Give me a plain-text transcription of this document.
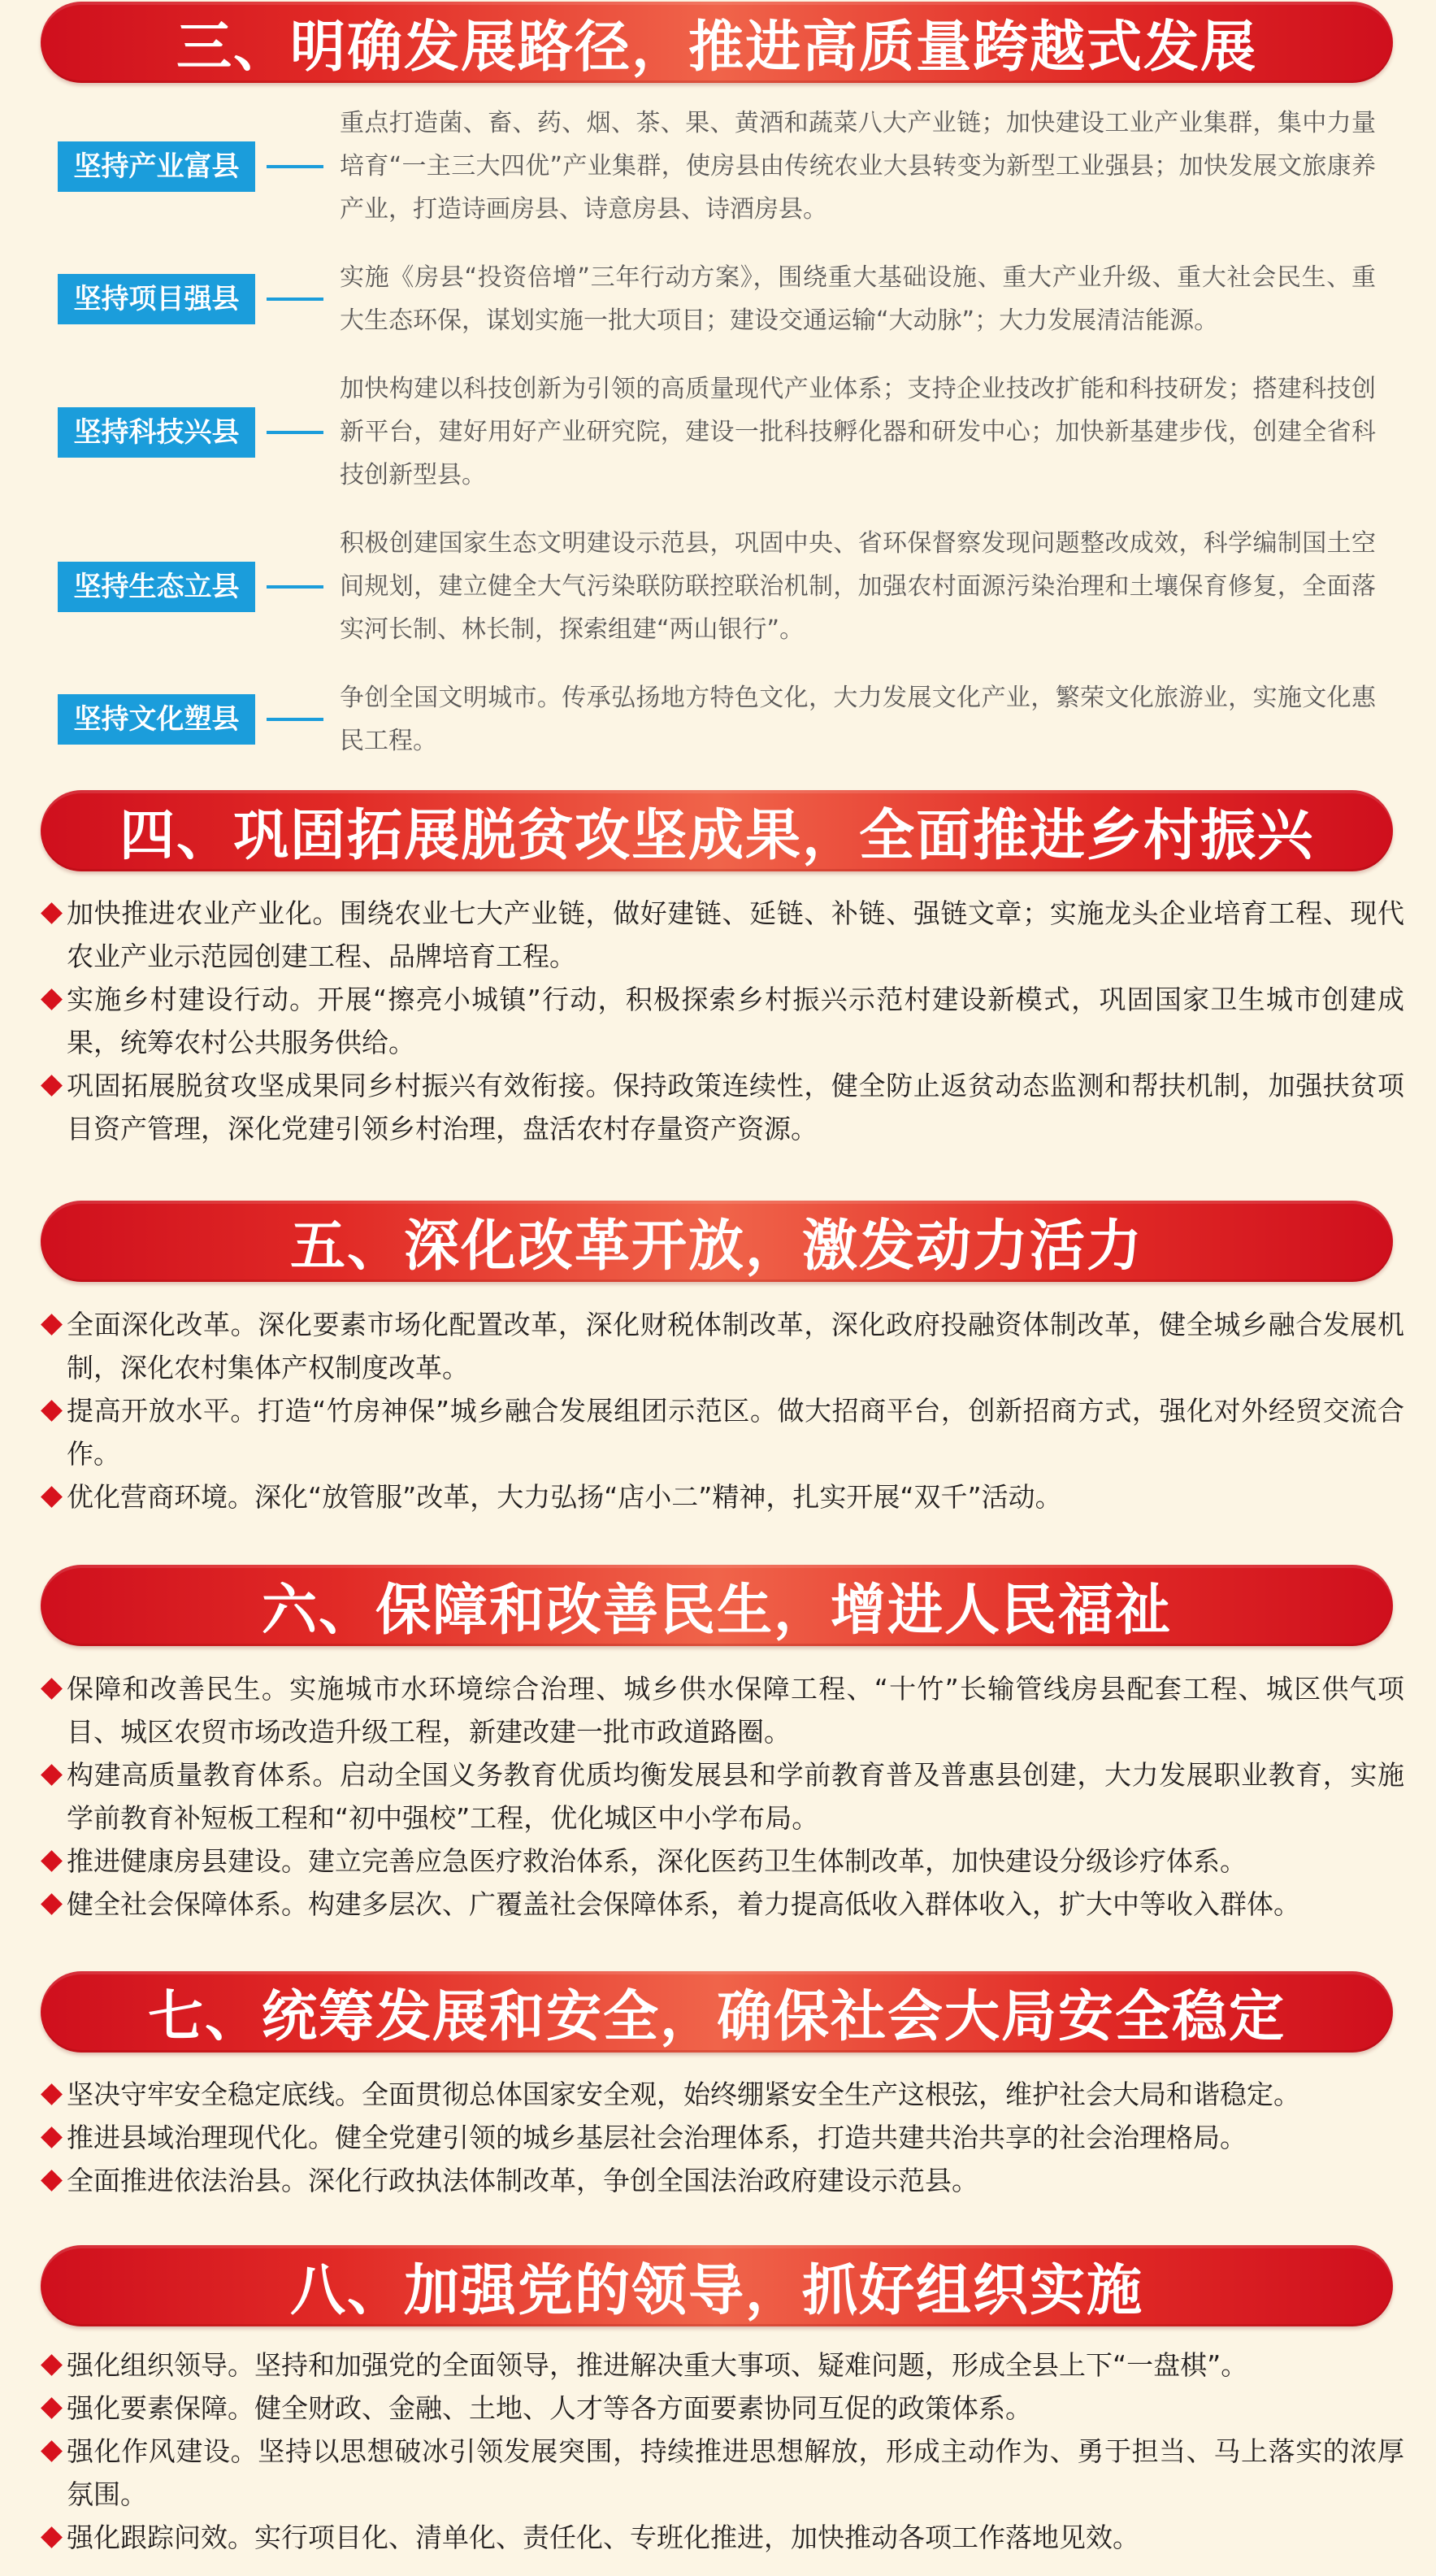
三、明确发展路径，推进高质量跨越式发展
坚持产业富县

重点打造菌、畜、药、烟、茶、果、黄酒和蔬菜八大产业链；加快建设工业产业集群，集中力量培育“一主三大四优”产业集群，使房县由传统农业大县转变为新型工业强县；加快发展文旅康养产业，打造诗画房县、诗意房县、诗酒房县。

坚持项目强县

实施《房县“投资倍增”三年行动方案》，围绕重大基础设施、重大产业升级、重大社会民生、重大生态环保，谋划实施一批大项目；建设交通运输“大动脉”；大力发展清洁能源。

坚持科技兴县

加快构建以科技创新为引领的高质量现代产业体系；支持企业技改扩能和科技研发；搭建科技创新平台，建好用好产业研究院，建设一批科技孵化器和研发中心；加快新基建步伐，创建全省科技创新型县。

坚持生态立县

积极创建国家生态文明建设示范县，巩固中央、省环保督察发现问题整改成效，科学编制国土空间规划，建立健全大气污染联防联控联治机制，加强农村面源污染治理和土壤保育修复，全面落实河长制、林长制，探索组建“两山银行”。

坚持文化塑县

争创全国文明城市。传承弘扬地方特色文化，大力发展文化产业，繁荣文化旅游业，实施文化惠民工程。

四、巩固拓展脱贫攻坚成果，全面推进乡村振兴

加快推进农业产业化。围绕农业七大产业链，做好建链、延链、补链、强链文章；实施龙头企业培育工程、现代农业产业示范园创建工程、品牌培育工程。

实施乡村建设行动。开展“擦亮小城镇”行动，积极探索乡村振兴示范村建设新模式，巩固国家卫生城市创建成果，统筹农村公共服务供给。

巩固拓展脱贫攻坚成果同乡村振兴有效衔接。保持政策连续性，健全防止返贫动态监测和帮扶机制，加强扶贫项目资产管理，深化党建引领乡村治理，盘活农村存量资产资源。

五、深化改革开放，激发动力活力

全面深化改革。深化要素市场化配置改革，深化财税体制改革，深化政府投融资体制改革，健全城乡融合发展机制，深化农村集体产权制度改革。

提高开放水平。打造“竹房神保”城乡融合发展组团示范区。做大招商平台，创新招商方式，强化对外经贸交流合作。

优化营商环境。深化“放管服”改革，大力弘扬“店小二”精神，扎实开展“双千”活动。

六、保障和改善民生，增进人民福祉

保障和改善民生。实施城市水环境综合治理、城乡供水保障工程、“十竹”长输管线房县配套工程、城区供气项目、城区农贸市场改造升级工程，新建改建一批市政道路圈。

构建高质量教育体系。启动全国义务教育优质均衡发展县和学前教育普及普惠县创建，大力发展职业教育，实施学前教育补短板工程和“初中强校”工程，优化城区中小学布局。

推进健康房县建设。建立完善应急医疗救治体系，深化医药卫生体制改革，加快建设分级诊疗体系。

健全社会保障体系。构建多层次、广覆盖社会保障体系，着力提高低收入群体收入，扩大中等收入群体。

七、统筹发展和安全，确保社会大局安全稳定

坚决守牢安全稳定底线。全面贯彻总体国家安全观，始终绷紧安全生产这根弦，维护社会大局和谐稳定。

推进县域治理现代化。健全党建引领的城乡基层社会治理体系，打造共建共治共享的社会治理格局。

全面推进依法治县。深化行政执法体制改革，争创全国法治政府建设示范县。

八、加强党的领导，抓好组织实施

强化组织领导。坚持和加强党的全面领导，推进解决重大事项、疑难问题，形成全县上下“一盘棋”。

强化要素保障。健全财政、金融、土地、人才等各方面要素协同互促的政策体系。

强化作风建设。坚持以思想破冰引领发展突围，持续推进思想解放，形成主动作为、勇于担当、马上落实的浓厚氛围。

强化跟踪问效。实行项目化、清单化、责任化、专班化推进，加快推动各项工作落地见效。
